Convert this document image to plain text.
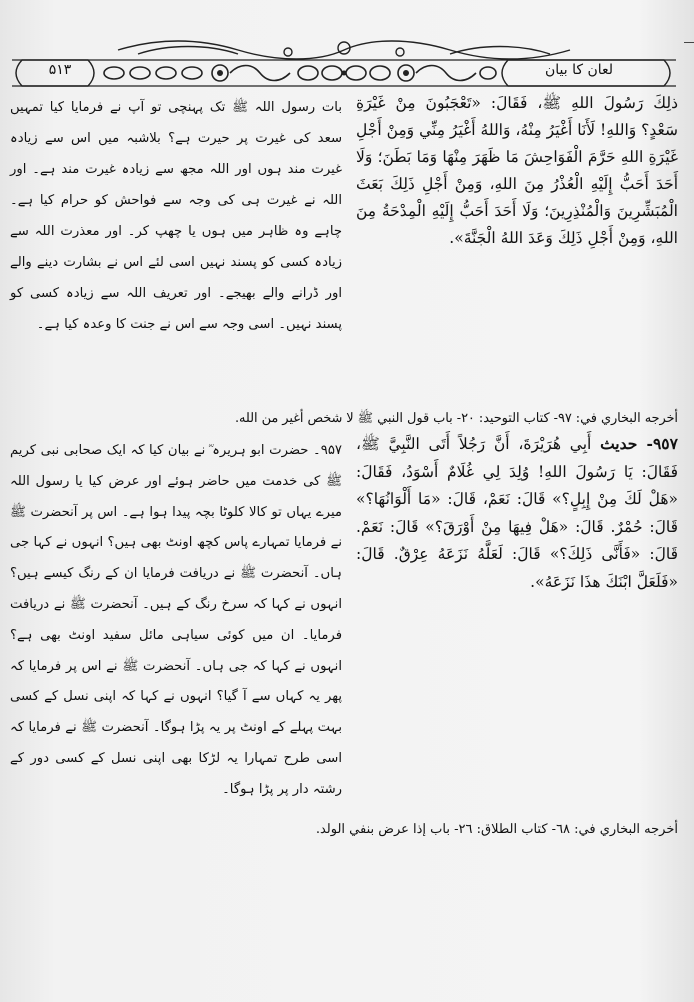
لعان کا بیان
۵۱۳
ذلِكَ رَسُولَ اللهِ ﷺ، فَقَالَ: «تَعْجَبُونَ مِنْ غَيْرَةِ سَعْدٍ؟ وَاللهِ! لَأَنَا أَغْيَرُ مِنْهُ، وَاللهُ أَغْيَرُ مِنِّي وَمِنْ أَجْلِ غَيْرَةِ اللهِ حَرَّمَ الْفَوَاحِشَ مَا ظَهَرَ مِنْهَا وَمَا بَطَنَ؛ وَلَا أَحَدَ أَحَبُّ إِلَيْهِ الْعُذْرُ مِنَ اللهِ، وَمِنْ أَجْلِ ذَلِكَ بَعَثَ الْمُبَشِّرِينَ وَالْمُنْذِرِينَ؛ وَلَا أَحَدَ أَحَبُّ إِلَيْهِ الْمِدْحَةُ مِنَ اللهِ، وَمِنْ أَجْلِ ذَلِكَ وَعَدَ اللهُ الْجَنَّةَ».
بات رسول اللہ ﷺ تک پہنچی تو آپ نے فرمایا کیا تمہیں سعد کی غیرت پر حیرت ہے؟ بلاشبہ میں اس سے زیادہ غیرت مند ہوں اور اللہ مجھ سے زیادہ غیرت مند ہے۔ اور اللہ نے غیرت ہی کی وجہ سے فواحش کو حرام کیا ہے۔ چاہے وہ ظاہر میں ہوں یا چھپ کر۔ اور معذرت اللہ سے زیادہ کسی کو پسند نہیں اسی لئے اس نے بشارت دینے والے اور ڈرانے والے بھیجے۔ اور تعریف اللہ سے زیادہ کسی کو پسند نہیں۔ اسی وجہ سے اس نے جنت کا وعدہ کیا ہے۔
أخرجه البخاري في: ٩٧- كتاب التوحيد: ٢٠- باب قول النبي ﷺ لا شخص أغير من الله.
٩٥٧- حديث أَبِي هُرَيْرَةَ، أَنَّ رَجُلاً أَتَى النَّبِيَّ ﷺ، فَقَالَ: يَا رَسُولَ اللهِ! وُلِدَ لِي غُلَامٌ أَسْوَدُ، فَقَالَ: «هَلْ لَكَ مِنْ إِبِلٍ؟» قَالَ: نَعَمْ، قَالَ: «مَا أَلْوَانُهَا؟» قَالَ: حُمْرٌ. قَالَ: «هَلْ فِيهَا مِنْ أَوْرَقَ؟» قَالَ: نَعَمْ. قَالَ: «فَأَنَّى ذَلِكَ؟» قَالَ: لَعَلَّهُ نَزَعَهُ عِرْقٌ. قَالَ: «فَلَعَلَّ ابْنَكَ هذَا نَزَعَهُ».
۹۵۷۔ حضرت ابو ہریرہ ؓ نے بیان کیا کہ ایک صحابی نبی کریم ﷺ کی خدمت میں حاضر ہوئے اور عرض کیا یا رسول اللہ میرے یہاں تو کالا کلوٹا بچہ پیدا ہوا ہے۔ اس پر آنحضرت ﷺ نے فرمایا تمہارے پاس کچھ اونٹ بھی ہیں؟ انہوں نے کہا جی ہاں۔ آنحضرت ﷺ نے دریافت فرمایا ان کے رنگ کیسے ہیں؟ انہوں نے کہا کہ سرخ رنگ کے ہیں۔ آنحضرت ﷺ نے دریافت فرمایا۔ ان میں کوئی سیاہی مائل سفید اونٹ بھی ہے؟ انہوں نے کہا کہ جی ہاں۔ آنحضرت ﷺ نے اس پر فرمایا کہ پھر یہ کہاں سے آ گیا؟ انہوں نے کہا کہ اپنی نسل کے کسی بہت پہلے کے اونٹ پر یہ پڑا ہوگا۔ آنحضرت ﷺ نے فرمایا کہ اسی طرح تمہارا یہ لڑکا بھی اپنی نسل کے کسی دور کے رشتہ دار پر پڑا ہوگا۔
أخرجه البخاري في: ٦٨- كتاب الطلاق: ٢٦- باب إذا عرض بنفي الولد.
